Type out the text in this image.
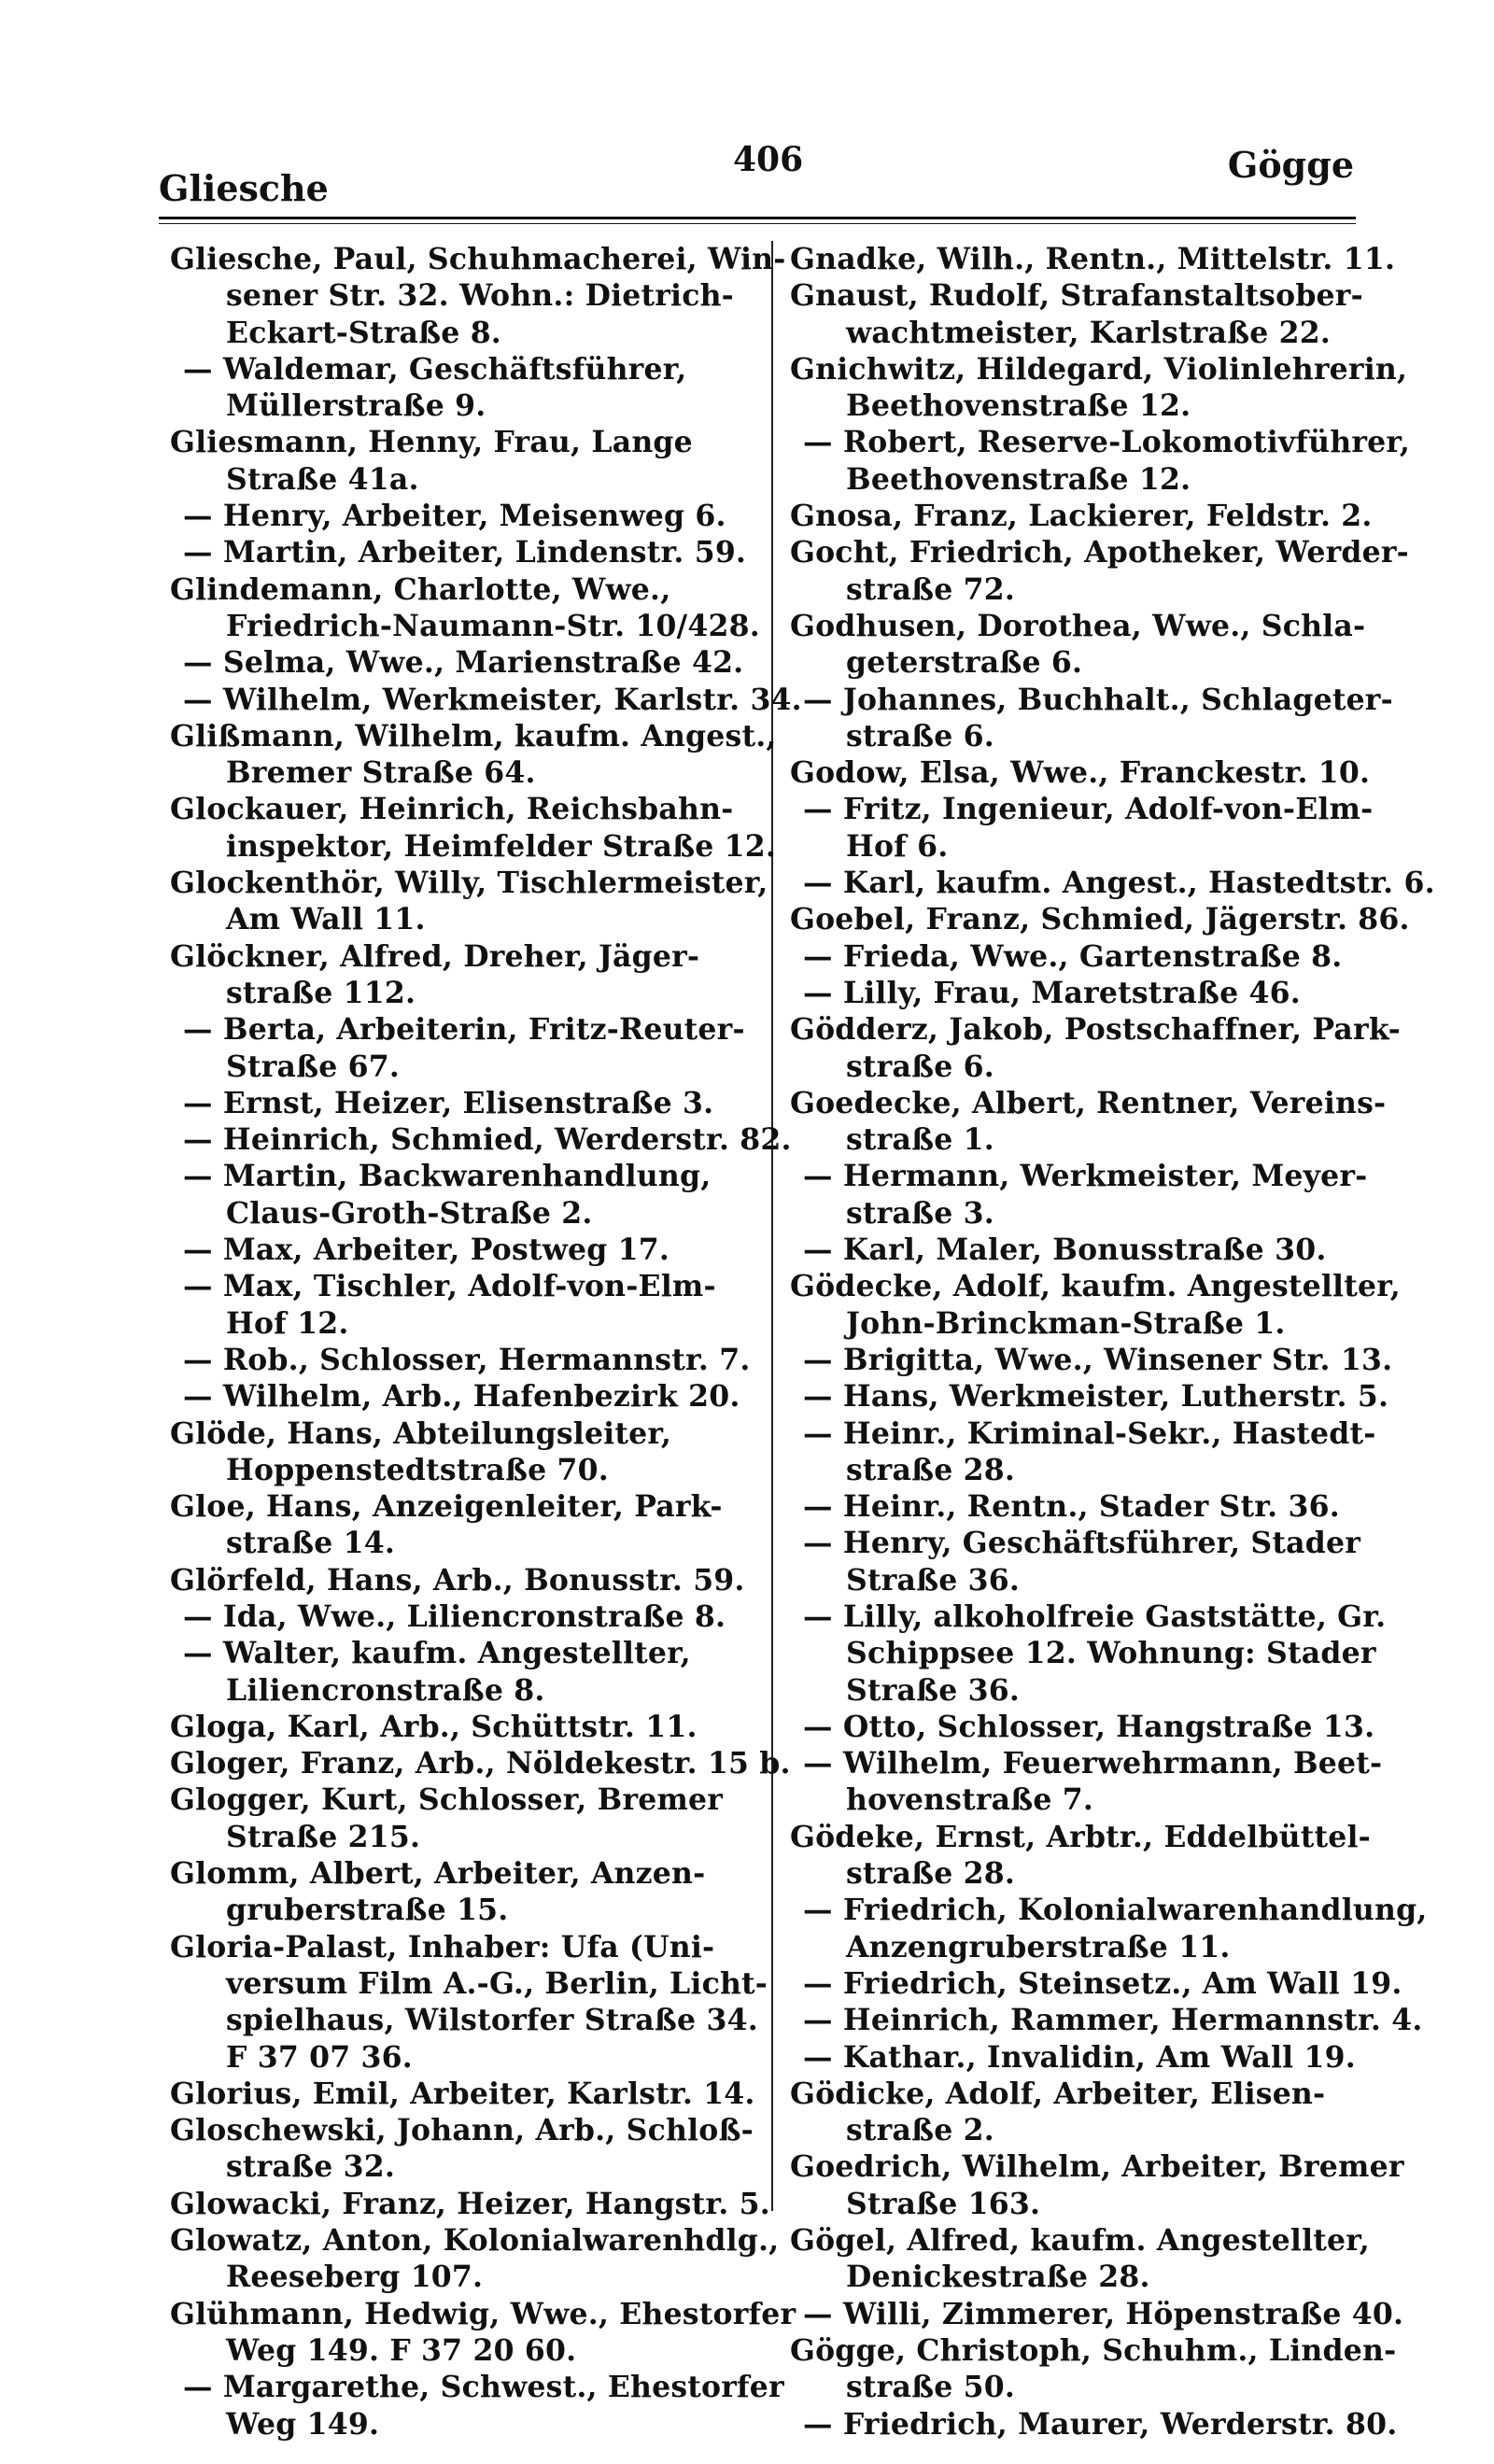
Gliesche
406	Gögge
Gliesche, Paul, Schuhmacherei, Win-
sener Str. 32. Wohn.: Dietrich-
Eckart-Straße 8.
— Waldemar, Geschäftsführer,
Müllerstraße 9.
Gliesmann, Henny, Frau, Lange
Straße 41a.
— Henry, Arbeiter, Meisenweg 6.
— Martin, Arbeiter, Lindenstr. 59.
Glindemann, Charlotte, Wwe.,
Friedrich-Naumann-Str. 10/428.
— Selma, Wwe., Marienstraße 42.
— Wilhelm, Werkmeister, Karlstr. 34.
Glißmann, Wilhelm, kaufm. Angest.,
Bremer Straße 64.
Glockauer, Heinrich, Reichsbahn-
inspektor, Heimfelder Straße 12.
Glockenthör, Willy, Tischlermeister,
Am Wall 11.
Glöckner, Alfred, Dreher, Jäger-
straße 112.
— Berta, Arbeiterin, Fritz-Reuter-
Straße 67.
— Ernst, Heizer, Elisenstraße 3.
— Heinrich, Schmied, Werderstr. 82.
— Martin, Backwarenhandlung,
Claus-Groth-Straße 2.
— Max, Arbeiter, Postweg 17.
— Max, Tischler, Adolf-von-Elm-
Hof 12.
— Rob., Schlosser, Hermannstr. 7.
— Wilhelm, Arb., Hafenbezirk 20.
Glöde, Hans, Abteilungsleiter,
Hoppenstedtstraße 70.
Gloe, Hans, Anzeigenleiter, Park-
straße 14.
Glörfeld, Hans, Arb., Bonusstr. 59.
— Ida, Wwe., Liliencronstraße 8.
— Walter, kaufm. Angestellter,
Liliencronstraße 8.
Gloga, Karl, Arb., Schüttstr. 11.
Gloger, Franz, Arb., Nöldekestr. 15 b.
Glogger, Kurt, Schlosser, Bremer
Straße 215.
Glomm, Albert, Arbeiter, Anzen-
gruberstraße 15.
Gloria-Palast, Inhaber: Ufa (Uni-
versum Film A.-G., Berlin, Licht-
spielhaus, Wilstorfer Straße 34.
F 37 07 36.
Glorius, Emil, Arbeiter, Karlstr. 14.
Gloschewski, Johann, Arb., Schloß-
straße 32.
Glowacki, Franz, Heizer, Hangstr. 5.
Glowatz, Anton, Kolonialwarenhdlg.,
Reeseberg 107.
Glühmann, Hedwig, Wwe., Ehestorfer
Weg 149. F 37 20 60.
— Margarethe, Schwest., Ehestorfer
Weg 149.
Gnadke, Wilh., Rentn., Mittelstr. 11.
Gnaust, Rudolf, Strafanstaltsober-
wachtmeister, Karlstraße 22.
Gnichwitz, Hildegard, Violinlehrerin,
Beethovenstraße 12.
— Robert, Reserve-Lokomotivführer,
Beethovenstraße 12.
Gnosa, Franz, Lackierer, Feldstr. 2.
Gocht, Friedrich, Apotheker, Werder-
straße 72.
Godhusen, Dorothea, Wwe., Schla-
geterstraße 6.
— Johannes, Buchhalt., Schlageter-
straße 6.
Godow, Elsa, Wwe., Franckestr. 10.
— Fritz, Ingenieur, Adolf-von-Elm-
Hof 6.
— Karl, kaufm. Angest., Hastedtstr. 6.
Goebel, Franz, Schmied, Jägerstr. 86.
— Frieda, Wwe., Gartenstraße 8.
— Lilly, Frau, Maretstraße 46.
Gödderz, Jakob, Postschaffner, Park-
straße 6.
Goedecke, Albert, Rentner, Vereins-
straße 1.
— Hermann, Werkmeister, Meyer-
straße 3.
— Karl, Maler, Bonusstraße 30.
Gödecke, Adolf, kaufm. Angestellter,
John-Brinckman-Straße 1.
— Brigitta, Wwe., Winsener Str. 13.
— Hans, Werkmeister, Lutherstr. 5.
— Heinr., Kriminal-Sekr., Hastedt-
straße 28.
— Heinr., Rentn., Stader Str. 36.
— Henry, Geschäftsführer, Stader
Straße 36.
— Lilly, alkoholfreie Gaststätte, Gr.
Schippsee 12. Wohnung: Stader
Straße 36.
— Otto, Schlosser, Hangstraße 13.
— Wilhelm, Feuerwehrmann, Beet-
hovenstraße 7.
Gödeke, Ernst, Arbtr., Eddelbüttel-
straße 28.
— Friedrich, Kolonialwarenhandlung,
Anzengruberstraße 11.
— Friedrich, Steinsetz., Am Wall 19.
— Heinrich, Rammer, Hermannstr. 4.
— Kathar., Invalidin, Am Wall 19.
Gödicke, Adolf, Arbeiter, Elisen-
straße 2.
Goedrich, Wilhelm, Arbeiter, Bremer
Straße 163.
Gögel, Alfred, kaufm. Angestellter,
Denickestraße 28.
— Willi, Zimmerer, Höpenstraße 40.
Gögge, Christoph, Schuhm., Linden-
straße 50.
— Friedrich, Maurer, Werderstr. 80.
